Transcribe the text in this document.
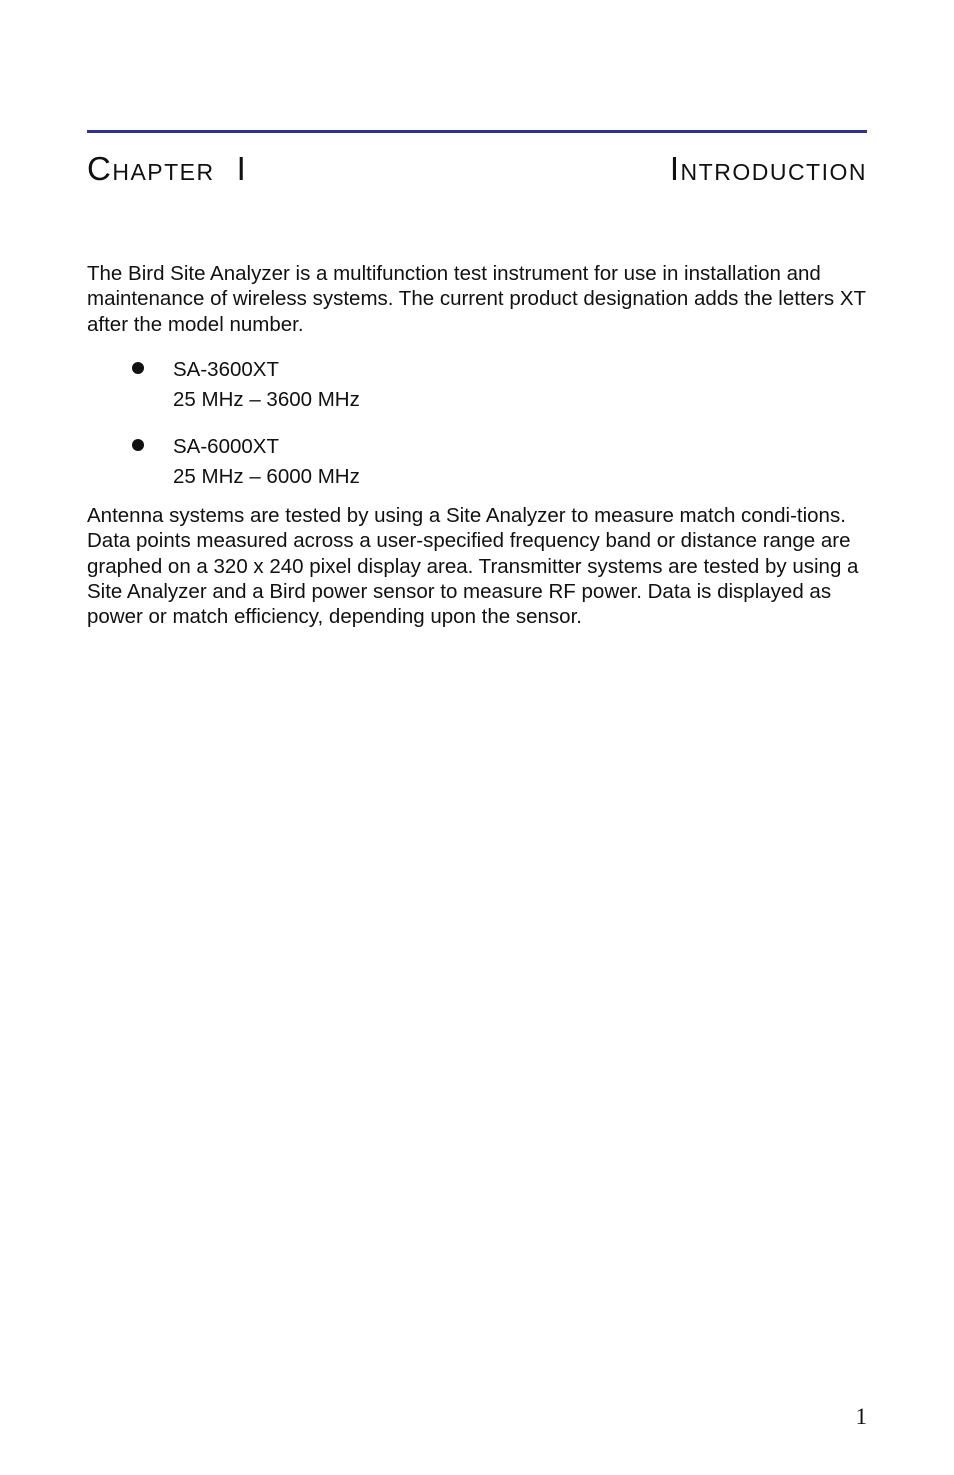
Chapter I	Introduction

The Bird Site Analyzer is a multifunction test instrument for use in installation and maintenance of wireless systems. The current product designation adds the letters XT after the model number.

SA-3600XT
25 MHz – 3600 MHz
SA-6000XT
25 MHz – 6000 MHz

Antenna systems are tested by using a Site Analyzer to measure match condi-tions. Data points measured across a user-specified frequency band or distance range are graphed on a 320 x 240 pixel display area. Transmitter systems are tested by using a Site Analyzer and a Bird power sensor to measure RF power. Data is displayed as power or match efficiency, depending upon the sensor.

1
